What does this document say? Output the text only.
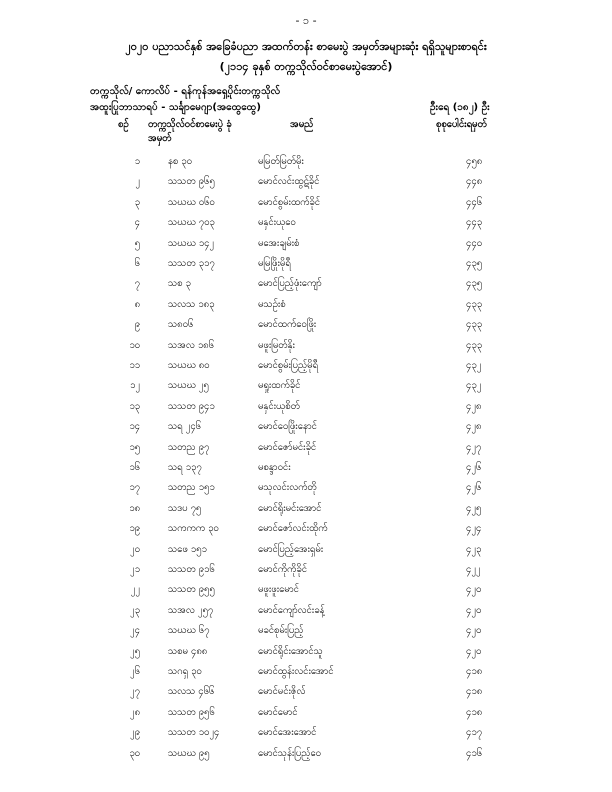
- ၁ -
၂၀၂၀ ပညာသင်နှစ် အခြေခံပညာ အထက်တန်း စာမေးပွဲ အမှတ်အများဆုံး ရရှိသူများစာရင်း
(၂၁၁၄ ခုနှစ် တက္ကသိုလ်ဝင်စာမေးပွဲအောင်)
တက္ကသိုလ်/ ကောလိပ် - ရန်ကုန်အရှေ့ပိုင်းတက္ကသိုလ်
အထူးပြုဘာသာရပ် - သင်္ချာမေဂျာ(အထွေထွေ)	ဦးရေ (၁၈၂) ဦး
စဉ် တက္ကသိုလ်ဝင်စာမေးပွဲ ခုံအမှတ်
အမည်	စုစုပေါင်းရမှတ်
၁	နစ ၃၀	မမြတ်မြတ်မိုး	၄၅၈
၂	သသတ ၉၆၅	မောင်လင်းထွဋ်ခိုင်	၄၄၈
၃	သဃဃ ၀၆၀	မောင်စွမ်းထက်ခိုင်	၄၄၆
၄	သဃဃ ၇၀၃	မနှင်းယုဝေ	၄၄၃
၅	သဃဃ ၁၄၂	မအေးချမ်းစံ	၄၄၀
၆	သသတ ၃၁၇	မမြဖြိုးမိုရီ	၄၃၅
၇	သစ ၃	မောင်ပြည့်ဖုံးကျော်	၄၃၅
၈	သလသ ၁၈၃	မသဉ်းစံ	၄၃၃
၉	သ၈၀၆	မောင်ထက်ဝေဖြိုး	၄၃၃
၁၀	သအလ ၁၈၆	မဖူးမြတ်နိုး	၄၃၃
၁၁	သဃဃ ၈၀	မောင်စွမ်းပြည့်မိုရီ	၄၃၂
၁၂	သဃဃ ၂၅	မရှုးထက်ခိုင်	၄၃၂
၁၃	သသတ ၉၄၁	မနှင်းယုစိတ်	၄၂၈
၁၄	သရ ၂၄၆	မောင်ဝေဖြိုးနောင်	၄၂၈
၁၅	သတည ၉၇	မောင်ဇော်မင်းခိုင်	၄၂၇
၁၆	သရ ၁၃၇	မစန္ဒာဝင်း	၄၂၆
၁၇	သတည ၁၅၁	မသုလင်းလက်တို	၄၂၆
၁၈	သဒပ ၇၅	မောင်ရိုးမင်းအောင်	၄၂၅
၁၉	သကကက ၃၀	မောင်ဇော်လင်းထိုက်	၄၂၄
၂၀	သဖေ ၁၅၁	မောင်ပြည့်အေးရှမ်း	၄၂၃
၂၁	သသတ ၉၁၆	မောင်ကိုကိုခိုင်	၄၂၂
၂၂	သသတ ၉၅၅	မဖူးဖူးမောင်	၄၂၀
၂၃	သအလ ၂၅၇	မောင်ကျော်လင်းခန့်	၄၂၀
၂၄	သဃဃ ၆၇	မခင်စုမ်းပြည့်	၄၂၀
၂၅	သစမ ၄၈၈	မောင်ရိုင်းအောင်သူ	၄၂၀
၂၆	သဂရှ ၃၀	မောင်ထွန်းလင်းအောင်	၄၁၈
၂၇	သလသ ၄၆၆	မောင်မင်းဇိုလ်	၄၁၈
၂၈	သသတ ၉၅၆	မောင်မောင်	၄၁၈
၂၉	သသတ ၁၀၂၄	မောင်အေးအောင်	၄၁၇
၃၀	သဃဃ ၉၅	မောင်သုန်းပြည့်ဝေ	၄၁၆
